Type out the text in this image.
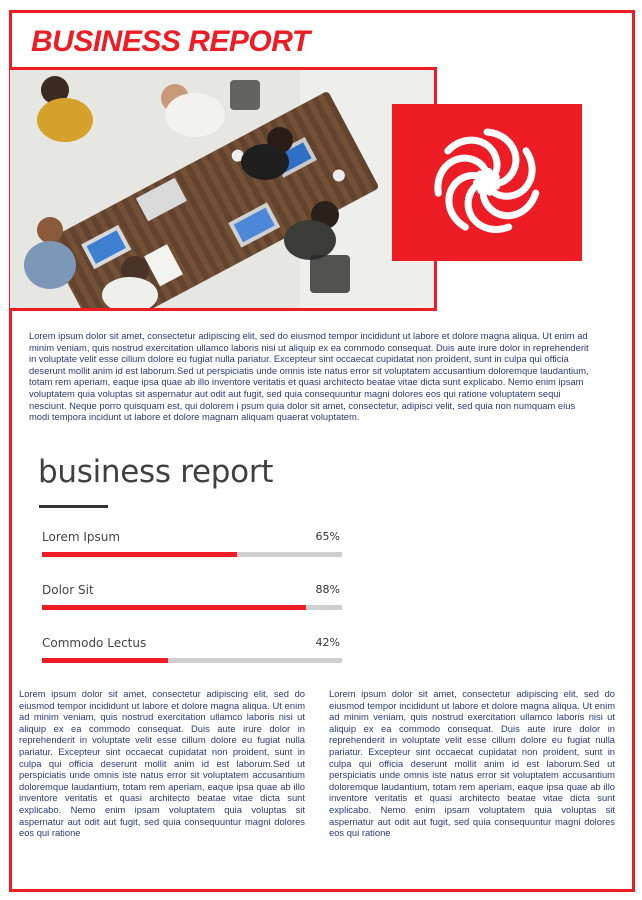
BUSINESS REPORT

Lorem ipsum dolor sit amet, consectetur adipiscing elit, sed do eiusmod tempor incididunt ut labore et dolore magna aliqua. Ut enim ad minim veniam, quis nostrud exercitation ullamco laboris nisi ut aliquip ex ea commodo consequat. Duis aute irure dolor in reprehenderit in voluptate velit esse cillum dolore eu fugiat nulla pariatur. Excepteur sint occaecat cupidatat non proident, sunt in culpa qui officia deserunt mollit anim id est laborum.Sed ut perspiciatis unde omnis iste natus error sit voluptatem accusantium doloremque laudantium, totam rem aperiam, eaque ipsa quae ab illo inventore veritatis et quasi architecto beatae vitae dicta sunt explicabo. Nemo enim ipsam voluptatem quia voluptas sit aspernatur aut odit aut fugit, sed quia consequuntur magni dolores eos qui ratione voluptatem sequi nesciunt. Neque porro quisquam est, qui dolorem i psum quia dolor sit amet, consectetur, adipisci velit, sed quia non numquam eius modi tempora incidunt ut labore et dolore magnam aliquam quaerat voluptatem.

business report
Lorem Ipsum	65%
Dolor Sit	88%
Commodo Lectus	42%

Lorem ipsum dolor sit amet, consectetur adipiscing elit, sed do eiusmod tempor incididunt ut labore et dolore magna aliqua. Ut enim ad minim veniam, quis nostrud exercitation ullamco laboris nisi ut aliquip ex ea commodo consequat. Duis aute irure dolor in reprehenderit in voluptate velit esse cillum dolore eu fugiat nulla pariatur. Excepteur sint occaecat cupidatat non proident, sunt in culpa qui officia deserunt mollit anim id est laborum.Sed ut perspiciatis unde omnis iste natus error sit voluptatem accusantium doloremque laudantium, totam rem aperiam, eaque ipsa quae ab illo inventore veritatis et quasi architecto beatae vitae dicta sunt explicabo. Nemo enim ipsam voluptatem quia voluptas sit aspernatur aut odit aut fugit, sed quia consequuntur magni dolores eos qui ratione

Lorem ipsum dolor sit amet, consectetur adipiscing elit, sed do eiusmod tempor incididunt ut labore et dolore magna aliqua. Ut enim ad minim veniam, quis nostrud exercitation ullamco laboris nisi ut aliquip ex ea commodo consequat. Duis aute irure dolor in reprehenderit in voluptate velit esse cillum dolore eu fugiat nulla pariatur. Excepteur sint occaecat cupidatat non proident, sunt in culpa qui officia deserunt mollit anim id est laborum.Sed ut perspiciatis unde omnis iste natus error sit voluptatem accusantium doloremque laudantium, totam rem aperiam, eaque ipsa quae ab illo inventore veritatis et quasi architecto beatae vitae dicta sunt explicabo. Nemo enim ipsam voluptatem quia voluptas sit aspernatur aut odit aut fugit, sed quia consequuntur magni dolores eos qui ratione
